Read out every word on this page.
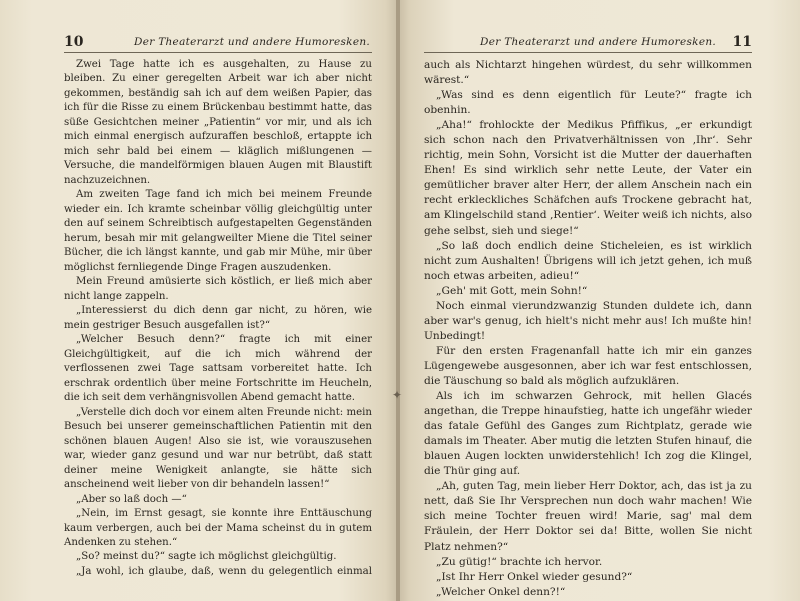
10	Der Theaterarzt und andere Humoresken.

Zwei Tage hatte ich es ausgehalten, zu Hause zu bleiben. Zu einer geregelten Arbeit war ich aber nicht gekommen, beständig sah ich auf dem weißen Papier, das ich für die Risse zu einem Brückenbau bestimmt hatte, das süße Gesichtchen meiner „Patientin“ vor mir, und als ich mich einmal energisch aufzuraffen beschloß, ertappte ich mich sehr bald bei einem — kläglich mißlungenen — Versuche, die mandelförmigen blauen Augen mit Blaustift nachzuzeichnen.

Am zweiten Tage fand ich mich bei meinem Freunde wieder ein. Ich kramte scheinbar völlig gleichgültig unter den auf seinem Schreibtisch aufgestapelten Gegenständen herum, besah mir mit gelangweilter Miene die Titel seiner Bücher, die ich längst kannte, und gab mir Mühe, mir über möglichst fernliegende Dinge Fragen auszudenken.

Mein Freund amüsierte sich köstlich, er ließ mich aber nicht lange zappeln.

„Interessierst du dich denn gar nicht, zu hören, wie mein gestriger Besuch ausgefallen ist?“

„Welcher Besuch denn?“ fragte ich mit einer Gleichgültigkeit, auf die ich mich während der verflossenen zwei Tage sattsam vorbereitet hatte. Ich erschrak ordentlich über meine Fortschritte im Heucheln, die ich seit dem verhängnisvollen Abend gemacht hatte.

„Verstelle dich doch vor einem alten Freunde nicht: mein Besuch bei unserer gemeinschaftlichen Patientin mit den schönen blauen Augen! Also sie ist, wie vorauszusehen war, wieder ganz gesund und war nur betrübt, daß statt deiner meine Wenigkeit anlangte, sie hätte sich anscheinend weit lieber von dir behandeln lassen!“

„Aber so laß doch —“

„Nein, im Ernst gesagt, sie konnte ihre Enttäuschung kaum verbergen, auch bei der Mama scheinst du in gutem Andenken zu stehen.“

„So? meinst du?“ sagte ich möglichst gleichgültig.

„Ja wohl, ich glaube, daß, wenn du gelegentlich einmal

Der Theaterarzt und andere Humoresken. 11

auch als Nichtarzt hingehen würdest, du sehr willkommen wärest.“

„Was sind es denn eigentlich für Leute?“ fragte ich obenhin.

„Aha!“ frohlockte der Medikus Pfiffikus, „er erkundigt sich schon nach den Privatverhältnissen von ‚Ihr‘. Sehr richtig, mein Sohn, Vorsicht ist die Mutter der dauerhaften Ehen! Es sind wirklich sehr nette Leute, der Vater ein gemütlicher braver alter Herr, der allem Anschein nach ein recht erkleckliches Schäfchen aufs Trockene gebracht hat, am Klingelschild stand ‚Rentier‘. Weiter weiß ich nichts, also gehe selbst, sieh und siege!“

„So laß doch endlich deine Sticheleien, es ist wirklich nicht zum Aushalten! Übrigens will ich jetzt gehen, ich muß noch etwas arbeiten, adieu!“

„Geh' mit Gott, mein Sohn!“

Noch einmal vierundzwanzig Stunden duldete ich, dann aber war's genug, ich hielt's nicht mehr aus! Ich mußte hin! Unbedingt!

Für den ersten Fragenanfall hatte ich mir ein ganzes Lügengewebe ausgesonnen, aber ich war fest entschlossen, die Täuschung so bald als möglich aufzuklären.

Als ich im schwarzen Gehrock, mit hellen Glacés angethan, die Treppe hinaufstieg, hatte ich ungefähr wieder das fatale Gefühl des Ganges zum Richtplatz, gerade wie damals im Theater. Aber mutig die letzten Stufen hinauf, die blauen Augen lockten unwiderstehlich! Ich zog die Klingel, die Thür ging auf.

„Ah, guten Tag, mein lieber Herr Doktor, ach, das ist ja zu nett, daß Sie Ihr Versprechen nun doch wahr machen! Wie sich meine Tochter freuen wird! Marie, sag' mal dem Fräulein, der Herr Doktor sei da! Bitte, wollen Sie nicht Platz nehmen?“

„Zu gütig!“ brachte ich hervor.

„Ist Ihr Herr Onkel wieder gesund?“

„Welcher Onkel denn?!“

✦
